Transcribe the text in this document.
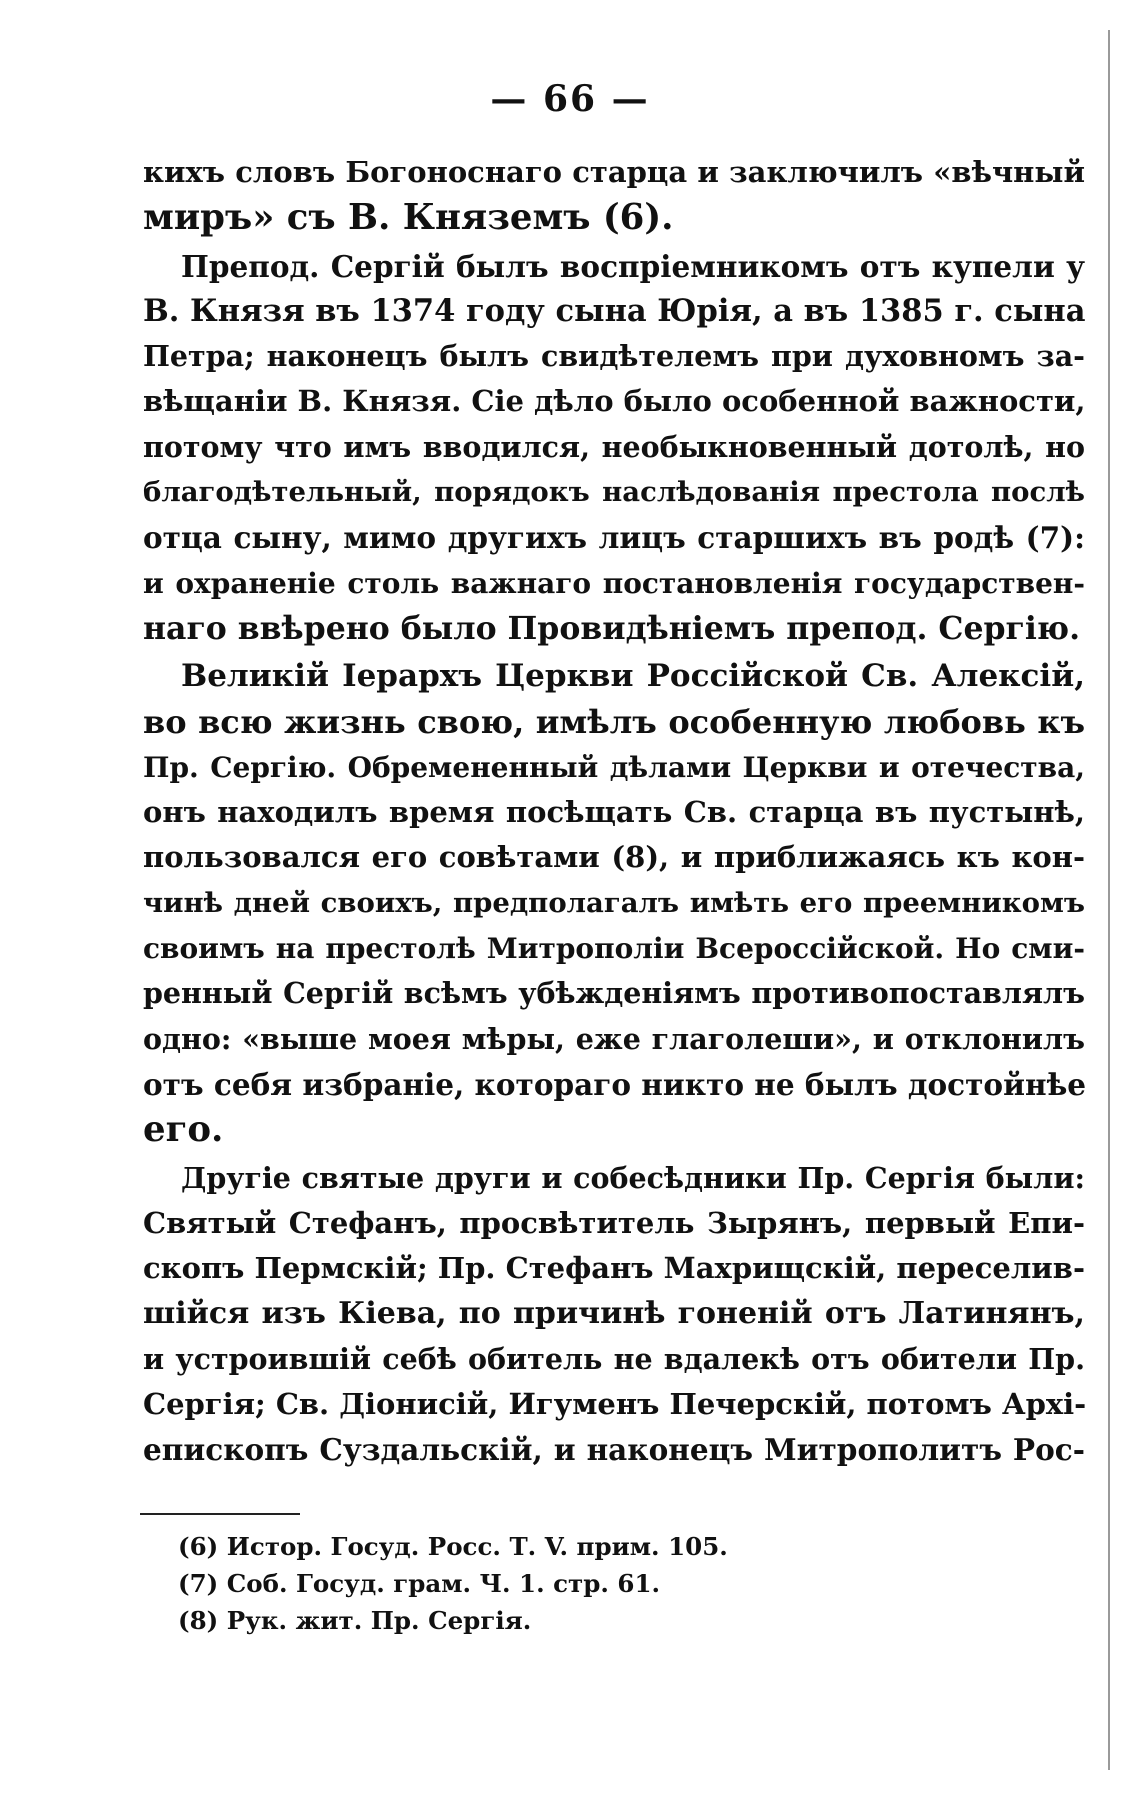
— 66 —
кихъ словъ Богоноснаго старца и заключилъ «вѣчный
миръ» съ В. Княземъ (6).
Препод. Сергій былъ воспріемникомъ отъ купели у
В. Князя въ 1374 году сына Юрія, а въ 1385 г. сына
Петра; наконецъ былъ свидѣтелемъ при духовномъ за-
вѣщаніи В. Князя. Сіе дѣло было особенной важности,
потому что имъ вводился, необыкновенный дотолѣ, но
благодѣтельный, порядокъ наслѣдованія престола послѣ
отца сыну, мимо другихъ лицъ старшихъ въ родѣ (7):
и охраненіе столь важнаго постановленія государствен-
наго ввѣрено было Провидѣніемъ препод. Сергію.
Великій Іерархъ Церкви Россійской Св. Алексій,
во всю жизнь свою, имѣлъ особенную любовь къ
Пр. Сергію. Обремененный дѣлами Церкви и отечества,
онъ находилъ время посѣщать Св. старца въ пустынѣ,
пользовался его совѣтами (8), и приближаясь къ кон-
чинѣ дней своихъ, предполагалъ имѣть его преемникомъ
своимъ на престолѣ Митрополіи Всероссійской. Но сми-
ренный Сергій всѣмъ убѣжденіямъ противопоставлялъ
одно: «выше моея мѣры, еже глаголеши», и отклонилъ
отъ себя избраніе, котораго никто не былъ достойнѣе
его.
Другіе святые други и собесѣдники Пр. Сергія были:
Святый Стефанъ, просвѣтитель Зырянъ, первый Епи-
скопъ Пермскій; Пр. Стефанъ Махрищскій, переселив-
шійся изъ Кіева, по причинѣ гоненій отъ Латинянъ,
и устроившій себѣ обитель не вдалекѣ отъ обители Пр.
Сергія; Св. Діонисій, Игуменъ Печерскій, потомъ Архі-
епископъ Суздальскій, и наконецъ Митрополитъ Рос-
(6) Истор. Госуд. Росс. Т. V. прим. 105.
(7) Соб. Госуд. грам. Ч. 1. стр. 61.
(8) Рук. жит. Пр. Сергія.
